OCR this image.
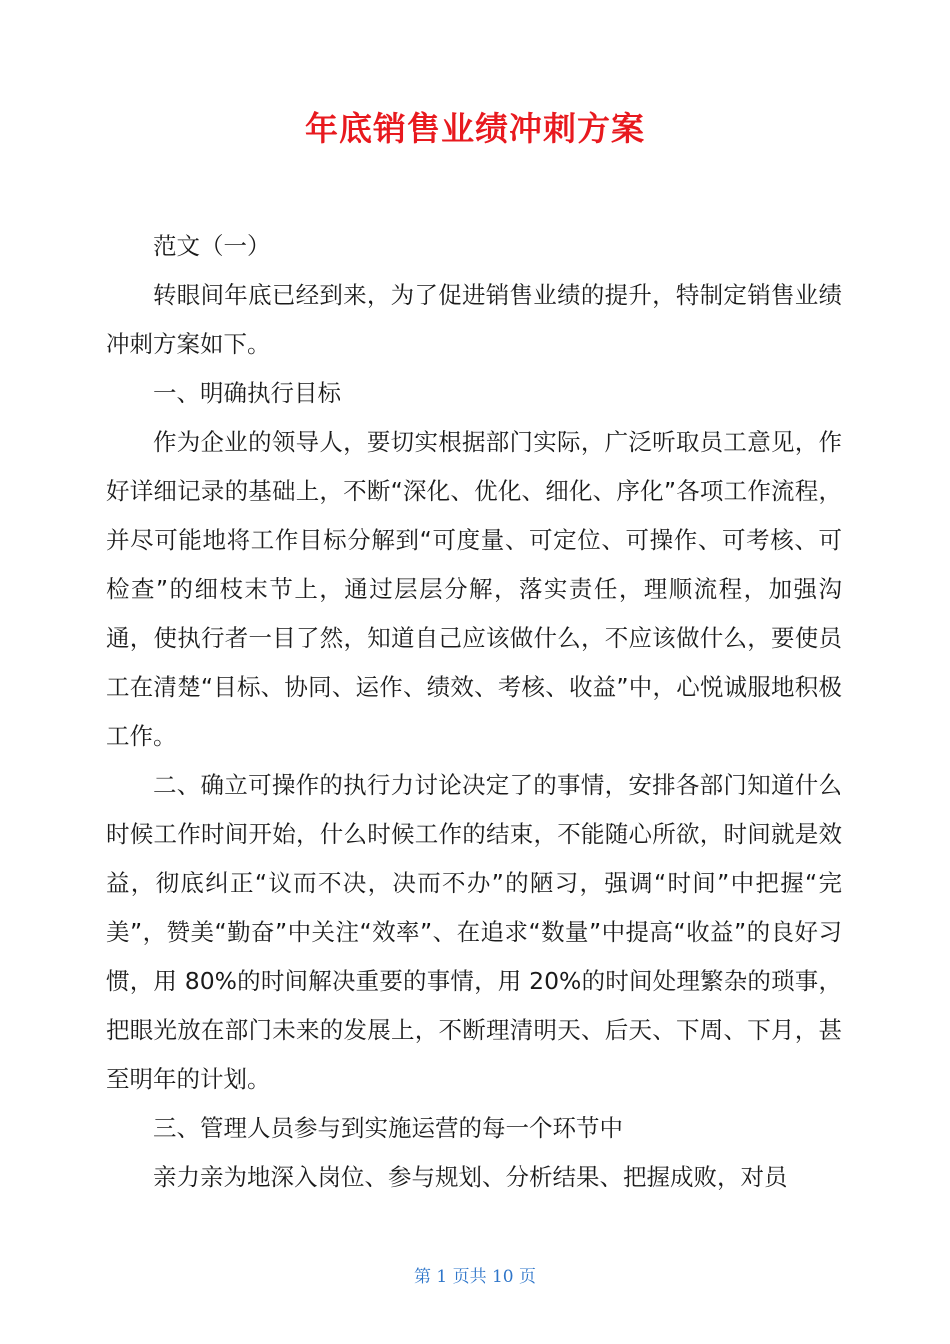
年底销售业绩冲刺方案

范文（一）

转眼间年底已经到来，为了促进销售业绩的提升，特制定销售业绩冲刺方案如下。

一、明确执行目标

作为企业的领导人，要切实根据部门实际，广泛听取员工意见，作好详细记录的基础上，不断“深化、优化、细化、序化”各项工作流程，并尽可能地将工作目标分解到“可度量、可定位、可操作、可考核、可检查”的细枝末节上，通过层层分解，落实责任，理顺流程，加强沟通，使执行者一目了然，知道自己应该做什么，不应该做什么，要使员工在清楚“目标、协同、运作、绩效、考核、收益”中，心悦诚服地积极工作。

二、确立可操作的执行力讨论决定了的事情，安排各部门知道什么时候工作时间开始，什么时候工作的结束，不能随心所欲，时间就是效益，彻底纠正“议而不决，决而不办”的陋习，强调“时间”中把握“完美”，赞美“勤奋”中关注“效率”、在追求“数量”中提高“收益”的良好习惯，用 80%的时间解决重要的事情，用 20%的时间处理繁杂的琐事，把眼光放在部门未来的发展上，不断理清明天、后天、下周、下月，甚至明年的计划。

三、管理人员参与到实施运营的每一个环节中

亲力亲为地深入岗位、参与规划、分析结果、把握成败，对员

第 1 页共 10 页
